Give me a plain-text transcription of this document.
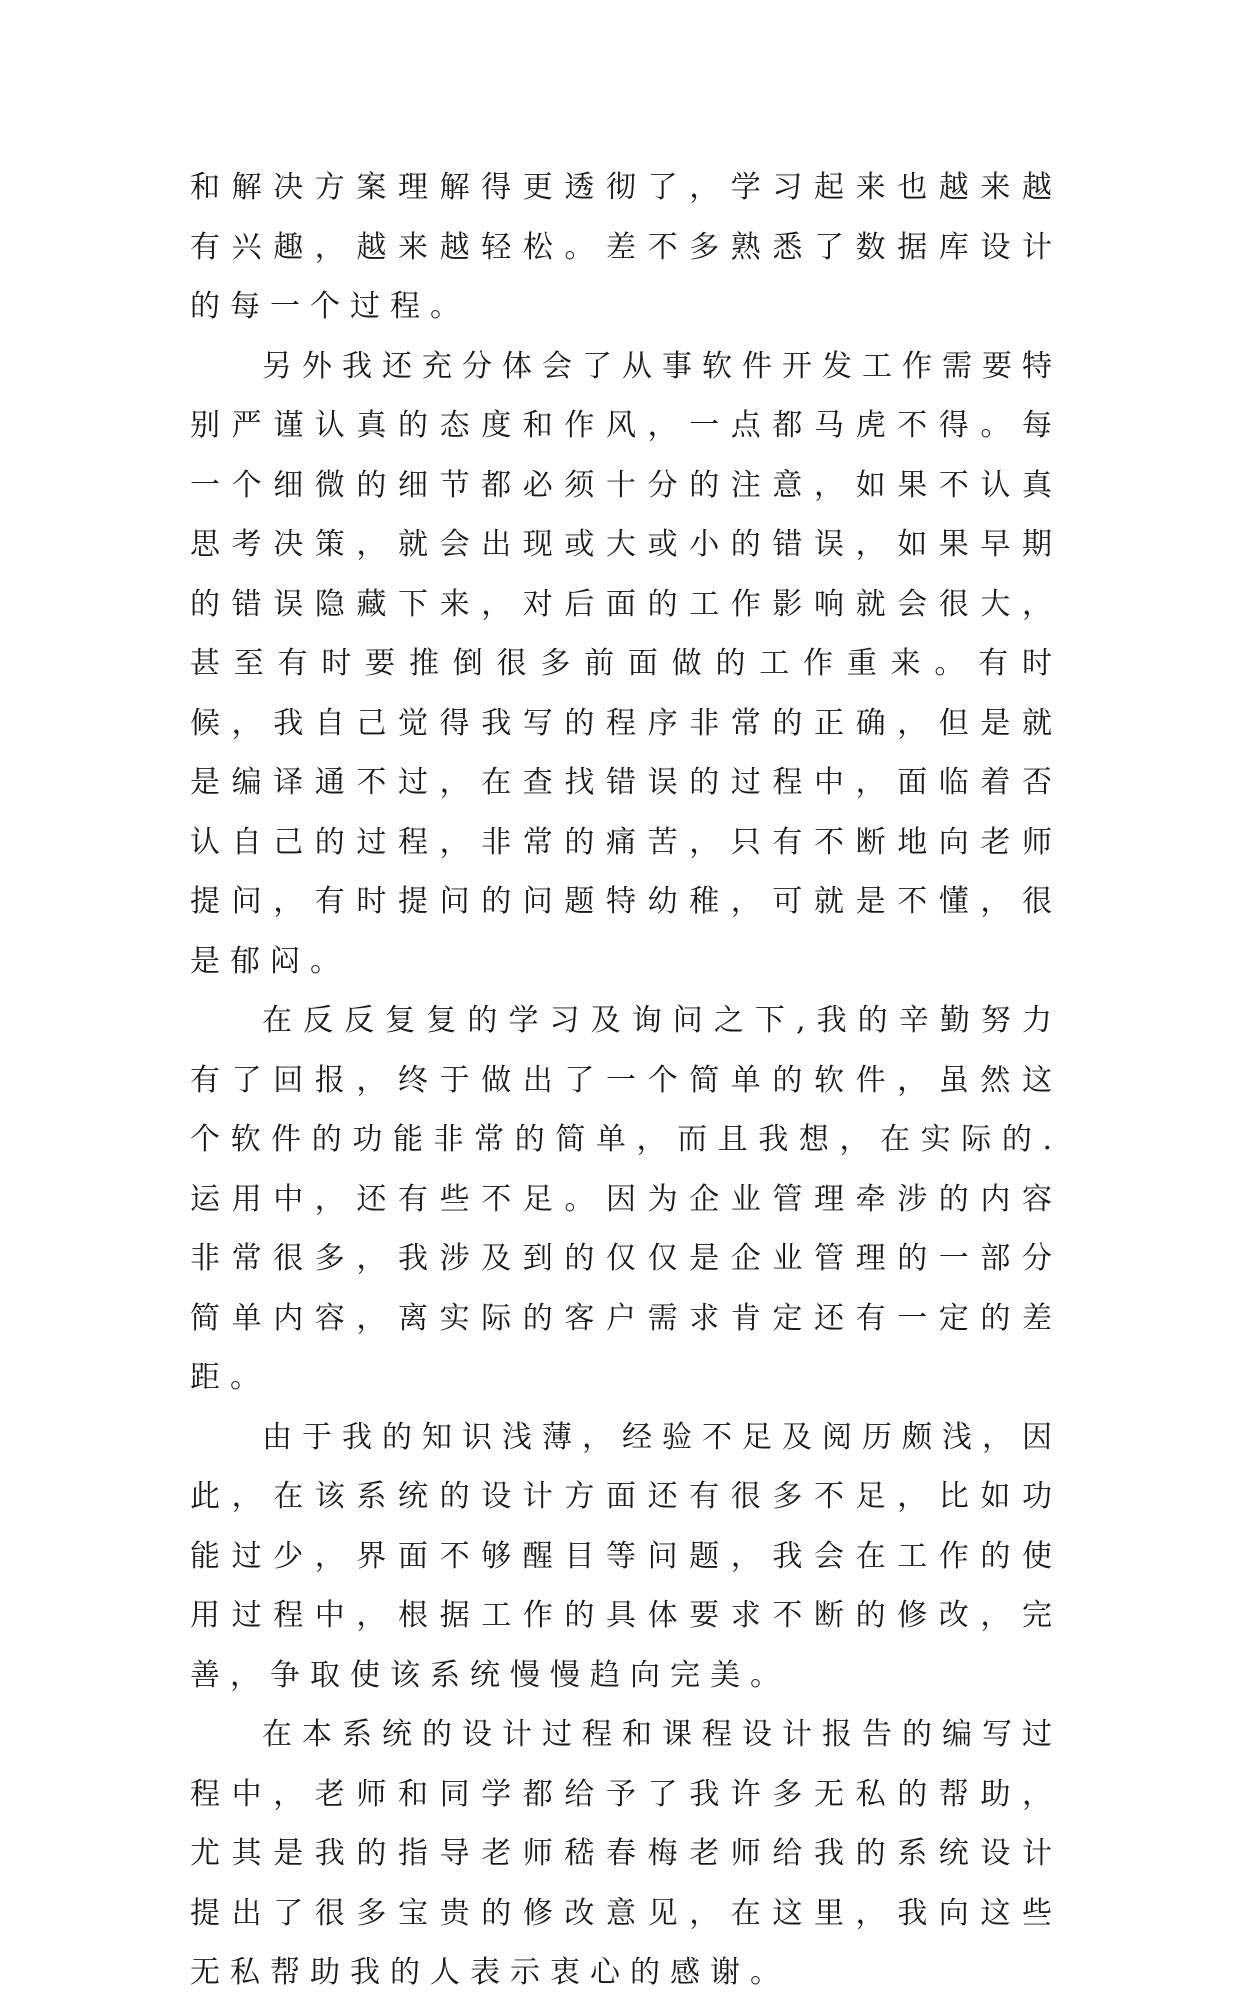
和解决方案理解得更透彻了，学习起来也越来越有兴趣，越来越轻松。差不多熟悉了数据库设计的每一个过程。

另外我还充分体会了从事软件开发工作需要特别严谨认真的态度和作风，一点都马虎不得。每一个细微的细节都必须十分的注意，如果不认真思考决策，就会出现或大或小的错误，如果早期的错误隐藏下来，对后面的工作影响就会很大，甚至有时要推倒很多前面做的工作重来。有时候，我自己觉得我写的程序非常的正确，但是就是编译通不过，在查找错误的过程中，面临着否认自己的过程，非常的痛苦，只有不断地向老师提问，有时提问的问题特幼稚，可就是不懂，很是郁闷。

在反反复复的学习及询问之下,我的辛勤努力有了回报，终于做出了一个简单的软件，虽然这个软件的功能非常的简单，而且我想，在实际的.运用中，还有些不足。因为企业管理牵涉的内容非常很多，我涉及到的仅仅是企业管理的一部分简单内容，离实际的客户需求肯定还有一定的差距。

由于我的知识浅薄，经验不足及阅历颇浅，因此，在该系统的设计方面还有很多不足，比如功能过少，界面不够醒目等问题，我会在工作的使用过程中，根据工作的具体要求不断的修改，完善，争取使该系统慢慢趋向完美。

在本系统的设计过程和课程设计报告的编写过程中，老师和同学都给予了我许多无私的帮助，尤其是我的指导老师嵇春梅老师给我的系统设计提出了很多宝贵的修改意见，在这里，我向这些无私帮助我的人表示衷心的感谢。
